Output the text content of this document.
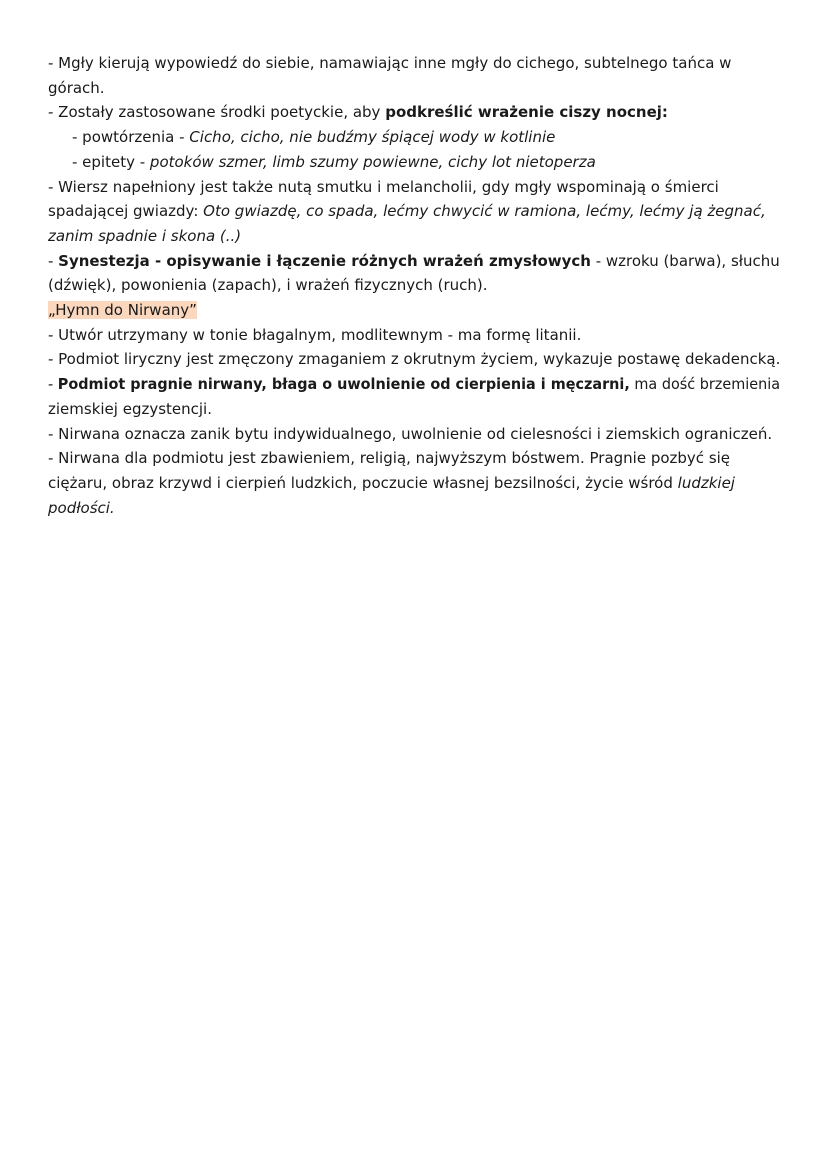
- Mgły kierują wypowiedź do siebie, namawiając inne mgły do cichego, subtelnego tańca w
górach.
- Zostały zastosowane środki poetyckie, aby podkreślić wrażenie ciszy nocnej:
- powtórzenia - Cicho, cicho, nie budźmy śpiącej wody w kotlinie
- epitety - potoków szmer, limb szumy powiewne, cichy lot nietoperza
- Wiersz napełniony jest także nutą smutku i melancholii, gdy mgły wspominają o śmierci
spadającej gwiazdy: Oto gwiazdę, co spada, lećmy chwycić w ramiona, lećmy, lećmy ją żegnać,
zanim spadnie i skona (..)
- Synestezja - opisywanie i łączenie różnych wrażeń zmysłowych - wzroku (barwa), słuchu
(dźwięk), powonienia (zapach), i wrażeń fizycznych (ruch).
„Hymn do Nirwany”
- Utwór utrzymany w tonie błagalnym, modlitewnym - ma formę litanii.
- Podmiot liryczny jest zmęczony zmaganiem z okrutnym życiem, wykazuje postawę dekadencką.
- Podmiot pragnie nirwany, błaga o uwolnienie od cierpienia i męczarni, ma dość brzemienia
ziemskiej egzystencji.
- Nirwana oznacza zanik bytu indywidualnego, uwolnienie od cielesności i ziemskich ograniczeń.
- Nirwana dla podmiotu jest zbawieniem, religią, najwyższym bóstwem. Pragnie pozbyć się
ciężaru, obraz krzywd i cierpień ludzkich, poczucie własnej bezsilności, życie wśród ludzkiej
podłości.
